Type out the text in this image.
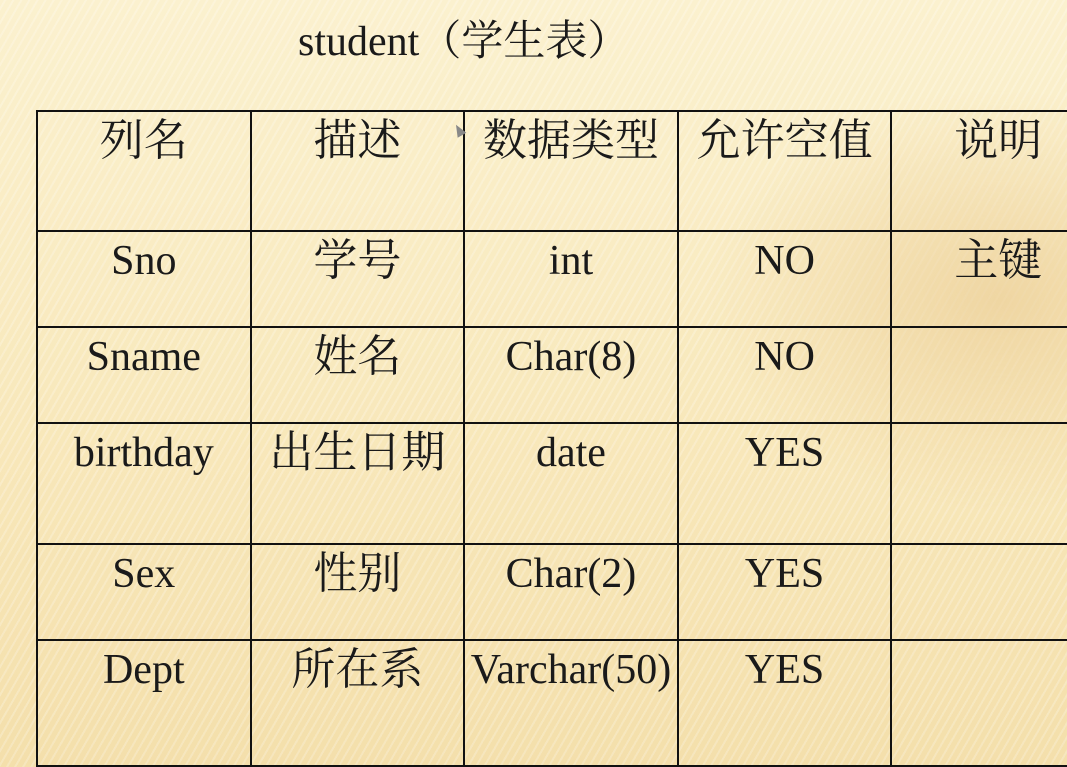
student（学生表）
列名	描述	数据类型	允许空值	说明
Sno	学号	int	NO	主键
Sname	姓名	Char(8)	NO	
birthday	出生日期	date	YES	
Sex	性别	Char(2)	YES	
Dept	所在系	Varchar(50)	YES	
